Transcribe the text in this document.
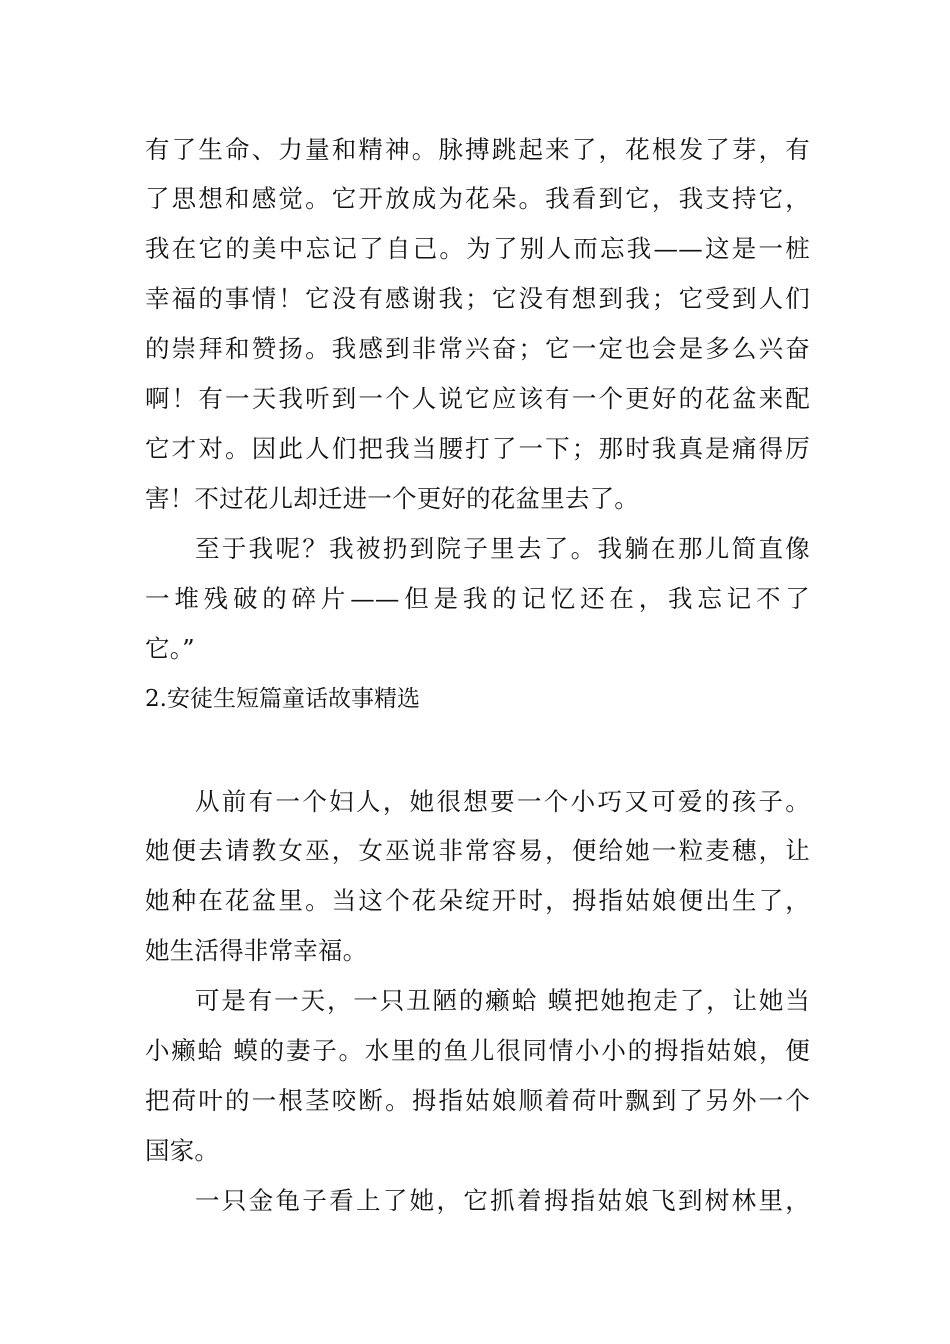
有了生命、力量和精神。脉搏跳起来了，花根发了芽，有
了思想和感觉。它开放成为花朵。我看到它，我支持它，
我在它的美中忘记了自己。为了别人而忘我——这是一桩
幸福的事情！它没有感谢我；它没有想到我；它受到人们
的崇拜和赞扬。我感到非常兴奋；它一定也会是多么兴奋
啊！有一天我听到一个人说它应该有一个更好的花盆来配
它才对。因此人们把我当腰打了一下；那时我真是痛得厉
害！不过花儿却迁进一个更好的花盆里去了。
至于我呢？我被扔到院子里去了。我躺在那儿简直像
一堆残破的碎片——但是我的记忆还在，我忘记不了
它。”
2.安徒生短篇童话故事精选
从前有一个妇人，她很想要一个小巧又可爱的孩子。
她便去请教女巫，女巫说非常容易，便给她一粒麦穗，让
她种在花盆里。当这个花朵绽开时，拇指姑娘便出生了，
她生活得非常幸福。
可是有一天，一只丑陋的癞蛤 蟆把她抱走了，让她当
小癞蛤 蟆的妻子。水里的鱼儿很同情小小的拇指姑娘，便
把荷叶的一根茎咬断。拇指姑娘顺着荷叶飘到了另外一个
国家。
一只金龟子看上了她，它抓着拇指姑娘飞到树林里，
